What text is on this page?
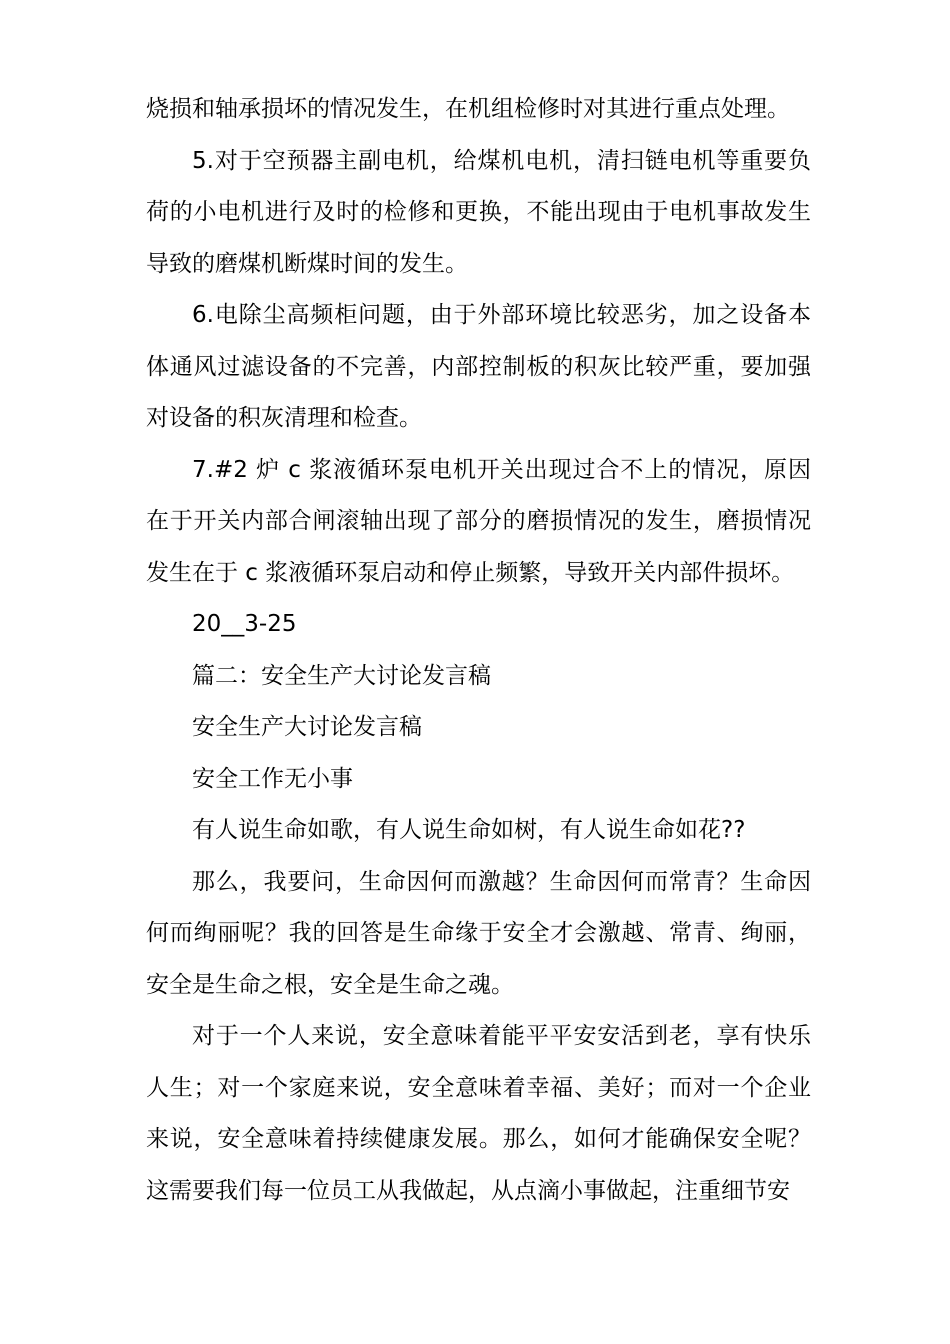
烧损和轴承损坏的情况发生，在机组检修时对其进行重点处理。

5.对于空预器主副电机，给煤机电机，清扫链电机等重要负荷的小电机进行及时的检修和更换，不能出现由于电机事故发生导致的磨煤机断煤时间的发生。

6.电除尘高频柜问题，由于外部环境比较恶劣，加之设备本体通风过滤设备的不完善，内部控制板的积灰比较严重，要加强对设备的积灰清理和检查。

7.#2 炉 c 浆液循环泵电机开关出现过合不上的情况，原因在于开关内部合闸滚轴出现了部分的磨损情况的发生，磨损情况发生在于 c 浆液循环泵启动和停止频繁，导致开关内部件损坏。

20__3-25

篇二：安全生产大讨论发言稿

安全生产大讨论发言稿

安全工作无小事

有人说生命如歌，有人说生命如树，有人说生命如花??

那么，我要问，生命因何而激越？生命因何而常青？生命因何而绚丽呢？我的回答是生命缘于安全才会激越、常青、绚丽，安全是生命之根，安全是生命之魂。

对于一个人来说，安全意味着能平平安安活到老，享有快乐人生；对一个家庭来说，安全意味着幸福、美好；而对一个企业来说，安全意味着持续健康发展。那么，如何才能确保安全呢？这需要我们每一位员工从我做起，从点滴小事做起，注重细节安
